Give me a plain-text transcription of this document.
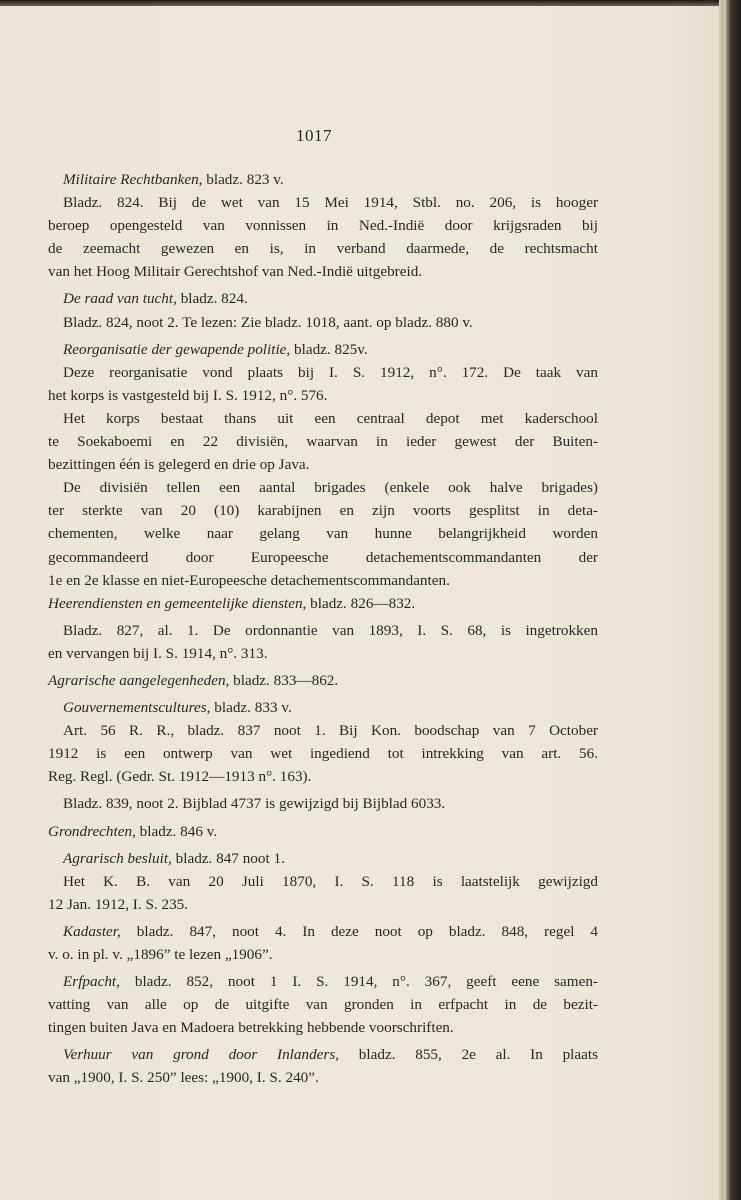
1017
Militaire Rechtbanken, bladz. 823 v.
Bladz. 824. Bij de wet van 15 Mei 1914, Stbl. no. 206, is hooger
beroep opengesteld van vonnissen in Ned.-Indië door krijgsraden bij
de zeemacht gewezen en is, in verband daarmede, de rechtsmacht
van het Hoog Militair Gerechtshof van Ned.-Indië uitgebreid.
De raad van tucht, bladz. 824.
Bladz. 824, noot 2. Te lezen: Zie bladz. 1018, aant. op bladz. 880 v.
Reorganisatie der gewapende politie, bladz. 825v.
Deze reorganisatie vond plaats bij I. S. 1912, n°. 172. De taak van
het korps is vastgesteld bij I. S. 1912, n°. 576.
Het korps bestaat thans uit een centraal depot met kaderschool
te Soekaboemi en 22 divisiën, waarvan in ieder gewest der Buiten-
bezittingen één is gelegerd en drie op Java.
De divisiën tellen een aantal brigades (enkele ook halve brigades)
ter sterkte van 20 (10) karabijnen en zijn voorts gesplitst in deta-
chementen, welke naar gelang van hunne belangrijkheid worden
gecommandeerd door Europeesche detachementscommandanten der
1e en 2e klasse en niet-Europeesche detachementscommandanten.
Heerendiensten en gemeentelijke diensten, bladz. 826—832.
Bladz. 827, al. 1. De ordonnantie van 1893, I. S. 68, is ingetrokken
en vervangen bij I. S. 1914, n°. 313.
Agrarische aangelegenheden, bladz. 833—862.
Gouvernementscultures, bladz. 833 v.
Art. 56 R. R., bladz. 837 noot 1. Bij Kon. boodschap van 7 October
1912 is een ontwerp van wet ingediend tot intrekking van art. 56.
Reg. Regl. (Gedr. St. 1912—1913 n°. 163).
Bladz. 839, noot 2. Bijblad 4737 is gewijzigd bij Bijblad 6033.
Grondrechten, bladz. 846 v.
Agrarisch besluit, bladz. 847 noot 1.
Het K. B. van 20 Juli 1870, I. S. 118 is laatstelijk gewijzigd
12 Jan. 1912, I. S. 235.
Kadaster, bladz. 847, noot 4. In deze noot op bladz. 848, regel 4
v. o. in pl. v. „1896” te lezen „1906”.
Erfpacht, bladz. 852, noot 1 I. S. 1914, n°. 367, geeft eene samen-
vatting van alle op de uitgifte van gronden in erfpacht in de bezit-
tingen buiten Java en Madoera betrekking hebbende voorschriften.
Verhuur van grond door Inlanders, bladz. 855, 2e al. In plaats
van „1900, I. S. 250” lees: „1900, I. S. 240”.
